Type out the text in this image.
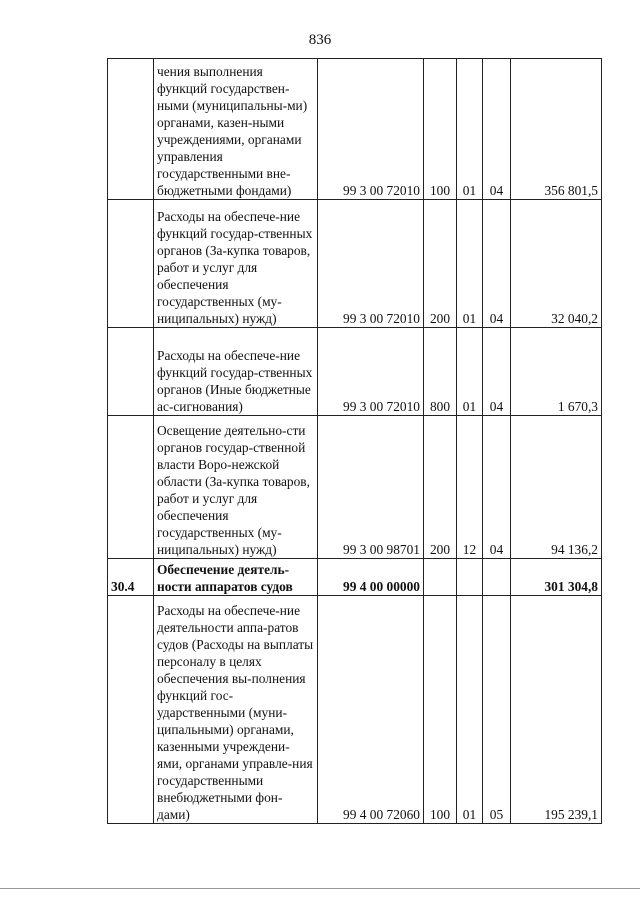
836
	чения выполнения функций государствен-ными (муниципальны-ми) органами, казен-ными учреждениями, органами управления государственными вне-бюджетными фондами)	99 3 00 72010	100	01	04	356 801,5
	Расходы на обеспече-ние функций государ-ственных органов (За-купка товаров, работ и услуг для обеспечения государственных (му-ниципальных) нужд)	99 3 00 72010	200	01	04	32 040,2
	Расходы на обеспече-ние функций государ-ственных органов (Иные бюджетные ас-сигнования)	99 3 00 72010	800	01	04	1 670,3
	Освещение деятельно-сти органов государ-ственной власти Воро-нежской области (За-купка товаров, работ и услуг для обеспечения государственных (му-ниципальных) нужд)	99 3 00 98701	200	12	04	94 136,2
30.4	Обеспечение деятель-ности аппаратов судов	99 4 00 00000				301 304,8
	Расходы на обеспече-ние деятельности аппа-ратов судов (Расходы на выплаты персоналу в целях обеспечения вы-полнения функций гос-ударственными (муни-ципальными) органами, казенными учреждени-ями, органами управле-ния государственными внебюджетными фон-дами)	99 4 00 72060	100	01	05	195 239,1
